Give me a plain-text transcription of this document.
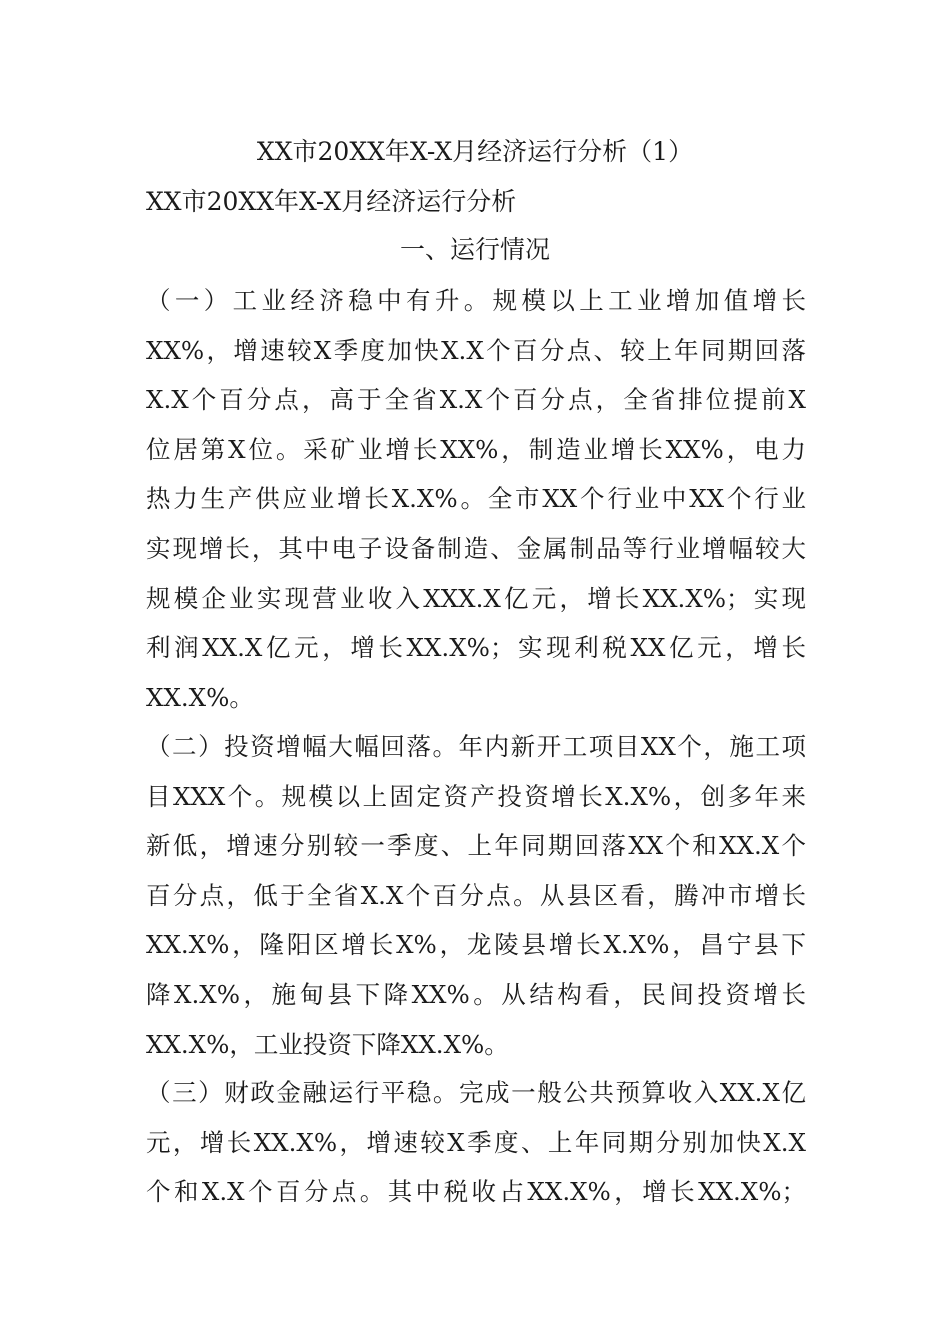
XX市20XX年X-X月经济运行分析（1）
XX市20XX年X-X月经济运行分析
一、运行情况
（一）工业经济稳中有升。规模以上工业增加值增长
XX%，增速较X季度加快X.X个百分点、较上年同期回落
X.X个百分点，高于全省X.X个百分点，全省排位提前X
位居第X位。采矿业增长XX%，制造业增长XX%，电力
热力生产供应业增长X.X%。全市XX个行业中XX个行业
实现增长，其中电子设备制造、金属制品等行业增幅较大
规模企业实现营业收入XXX.X亿元，增长XX.X%；实现
利润XX.X亿元，增长XX.X%；实现利税XX亿元，增长
XX.X%。
（二）投资增幅大幅回落。年内新开工项目XX个，施工项
目XXX个。规模以上固定资产投资增长X.X%，创多年来
新低，增速分别较一季度、上年同期回落XX个和XX.X个
百分点，低于全省X.X个百分点。从县区看，腾冲市增长
XX.X%，隆阳区增长X%，龙陵县增长X.X%，昌宁县下
降X.X%，施甸县下降XX%。从结构看，民间投资增长
XX.X%，工业投资下降XX.X%。
（三）财政金融运行平稳。完成一般公共预算收入XX.X亿
元，增长XX.X%，增速较X季度、上年同期分别加快X.X
个和X.X个百分点。其中税收占XX.X%，增长XX.X%；
